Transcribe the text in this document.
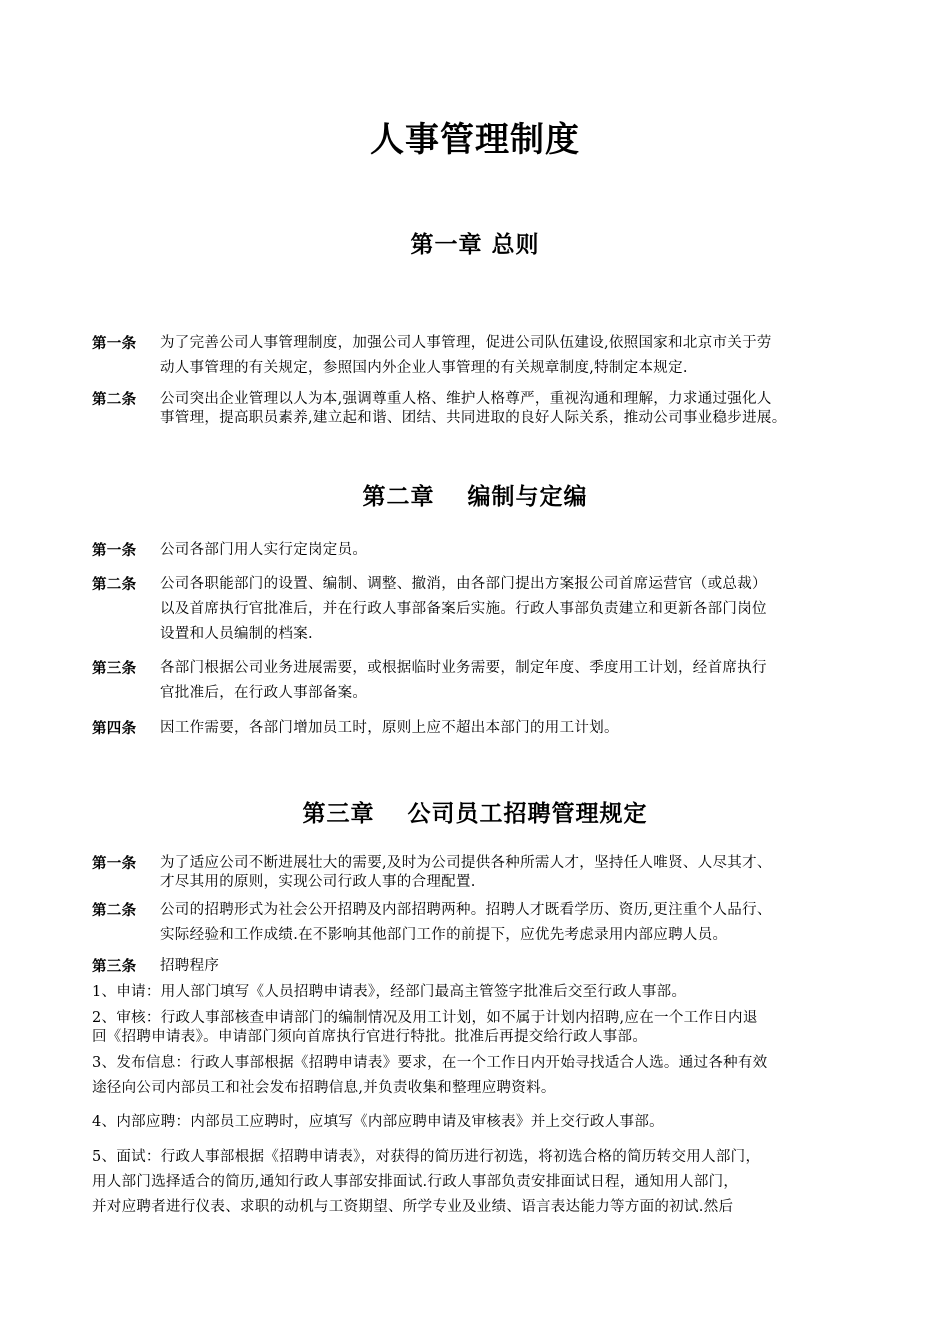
人事管理制度
第一章 总则
第一条	为了完善公司人事管理制度，加强公司人事管理，促进公司队伍建设,依照国家和北京市关于劳
动人事管理的有关规定，参照国内外企业人事管理的有关规章制度,特制定本规定.
第二条	公司突出企业管理以人为本,强调尊重人格、维护人格尊严，重视沟通和理解，力求通过强化人
事管理，提高职员素养,建立起和谐、团结、共同进取的良好人际关系，推动公司事业稳步进展。
第二章　 编制与定编
第一条	公司各部门用人实行定岗定员。
第二条	公司各职能部门的设置、编制、调整、撤消，由各部门提出方案报公司首席运营官（或总裁）
以及首席执行官批准后，并在行政人事部备案后实施。行政人事部负责建立和更新各部门岗位
设置和人员编制的档案.
第三条	各部门根据公司业务进展需要，或根据临时业务需要，制定年度、季度用工计划，经首席执行
官批准后，在行政人事部备案。
第四条	因工作需要，各部门增加员工时，原则上应不超出本部门的用工计划。
第三章　 公司员工招聘管理规定
第一条	为了适应公司不断进展壮大的需要,及时为公司提供各种所需人才，坚持任人唯贤、人尽其才、
才尽其用的原则，实现公司行政人事的合理配置.
第二条	公司的招聘形式为社会公开招聘及内部招聘两种。招聘人才既看学历、资历,更注重个人品行、
实际经验和工作成绩.在不影响其他部门工作的前提下，应优先考虑录用内部应聘人员。
第三条	招聘程序
1、申请：用人部门填写《人员招聘申请表》，经部门最高主管签字批准后交至行政人事部。
2、审核：行政人事部核查申请部门的编制情况及用工计划，如不属于计划内招聘,应在一个工作日内退
回《招聘申请表》。申请部门须向首席执行官进行特批。批准后再提交给行政人事部。
3、发布信息：行政人事部根据《招聘申请表》要求，在一个工作日内开始寻找适合人选。通过各种有效
途径向公司内部员工和社会发布招聘信息,并负责收集和整理应聘资料。
4、内部应聘：内部员工应聘时，应填写《内部应聘申请及审核表》并上交行政人事部。
5、面试：行政人事部根据《招聘申请表》，对获得的简历进行初选，将初选合格的简历转交用人部门，
用人部门选择适合的简历,通知行政人事部安排面试.行政人事部负责安排面试日程，通知用人部门，
并对应聘者进行仪表、求职的动机与工资期望、所学专业及业绩、语言表达能力等方面的初试.然后
